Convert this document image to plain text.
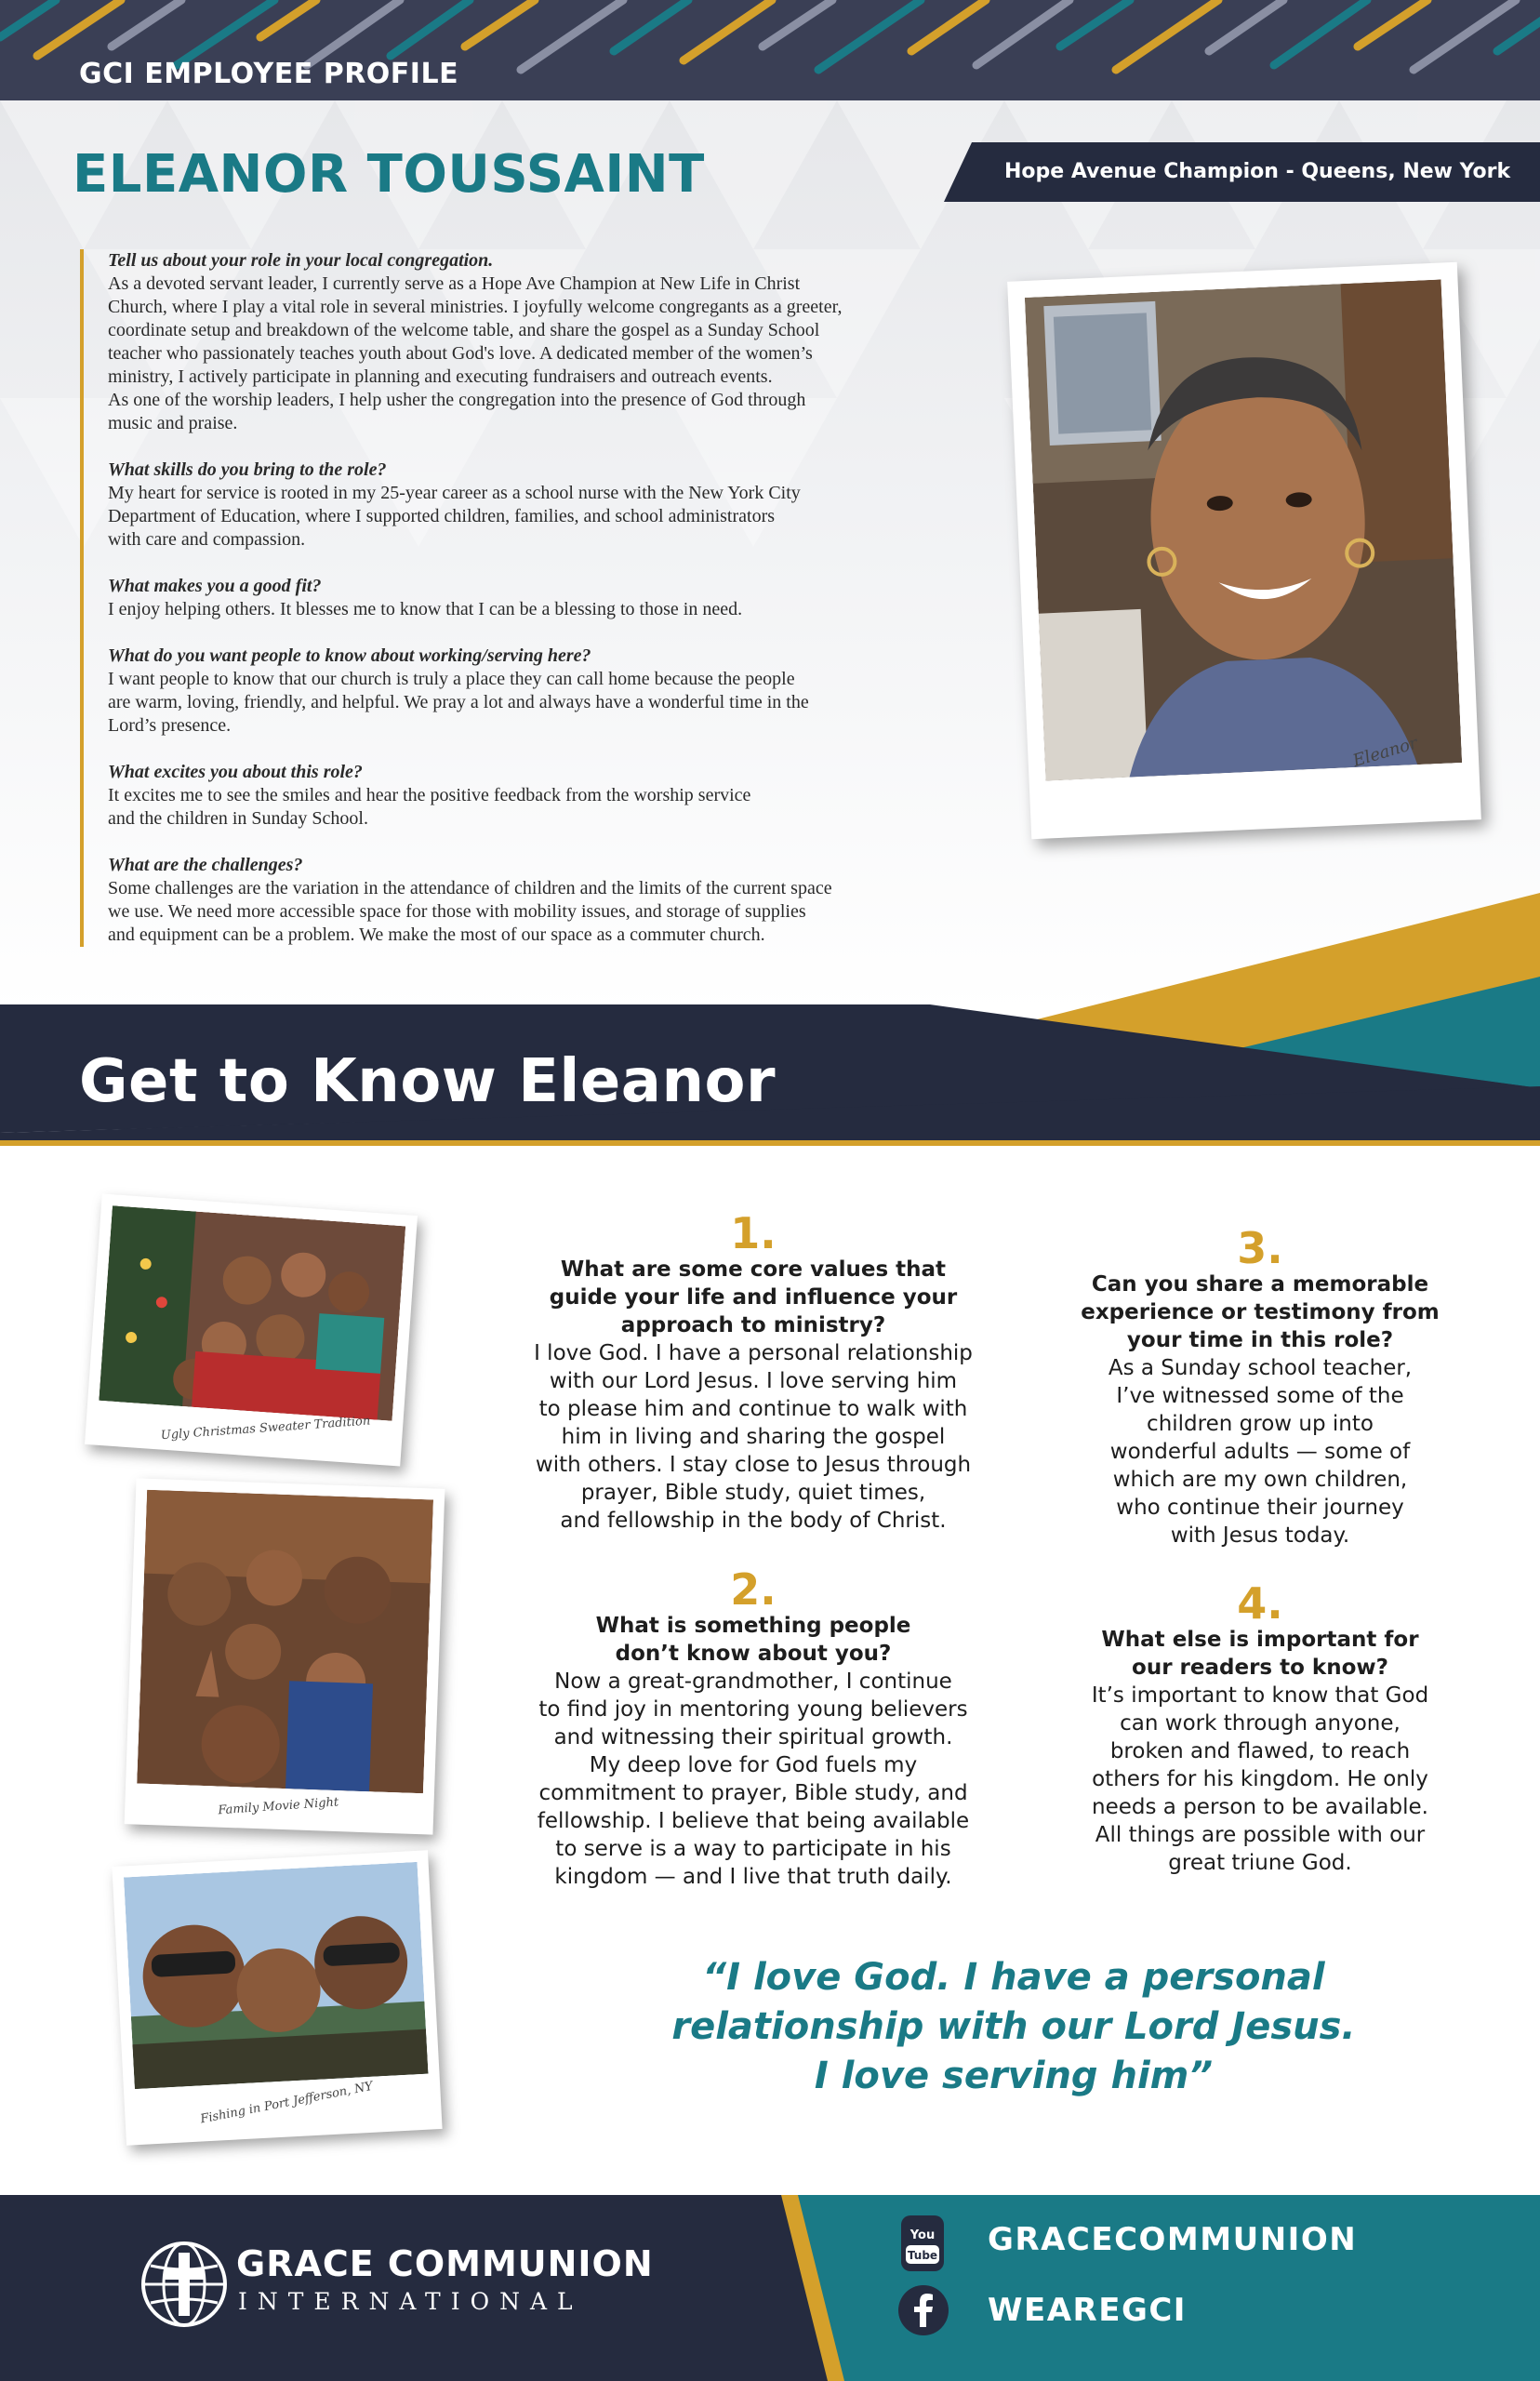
GCI EMPLOYEE PROFILE
ELEANOR TOUSSAINT	Hope Avenue Champion - Queens, New York
Tell us about your role in your local congregation.
As a devoted servant leader, I currently serve as a Hope Ave Champion at New Life in Christ
Church, where I play a vital role in several ministries. I joyfully welcome congregants as a greeter,
coordinate setup and breakdown of the welcome table, and share the gospel as a Sunday School
teacher who passionately teaches youth about God's love. A dedicated member of the women’s
ministry, I actively participate in planning and executing fundraisers and outreach events.
As one of the worship leaders, I help usher the congregation into the presence of God through
music and praise.
What skills do you bring to the role?
My heart for service is rooted in my 25-year career as a school nurse with the New York City
Department of Education, where I supported children, families, and school administrators
with care and compassion.
What makes you a good fit?
I enjoy helping others. It blesses me to know that I can be a blessing to those in need.
What do you want people to know about working/serving here?
I want people to know that our church is truly a place they can call home because the people
are warm, loving, friendly, and helpful. We pray a lot and always have a wonderful time in the
Lord’s presence.
What excites you about this role?
It excites me to see the smiles and hear the positive feedback from the worship service
and the children in Sunday School.
What are the challenges?
Some challenges are the variation in the attendance of children and the limits of the current space
we use. We need more accessible space for those with mobility issues, and storage of supplies
and equipment can be a problem. We make the most of our space as a commuter church.
Eleanor
Get to Know Eleanor
Ugly Christmas Sweater Tradition
Family Movie Night
Fishing in Port Jefferson, NY
1.
What are some core values that
guide your life and influence your
approach to ministry?
I love God. I have a personal relationship
with our Lord Jesus. I love serving him
to please him and continue to walk with
him in living and sharing the gospel
with others. I stay close to Jesus through
prayer, Bible study, quiet times,
and fellowship in the body of Christ.
2.
What is something people
don’t know about you?
Now a great-grandmother, I continue
to find joy in mentoring young believers
and witnessing their spiritual growth.
My deep love for God fuels my
commitment to prayer, Bible study, and
fellowship. I believe that being available
to serve is a way to participate in his
kingdom — and I live that truth daily.
3.
Can you share a memorable
experience or testimony from
your time in this role?
As a Sunday school teacher,
I’ve witnessed some of the
children grow up into
wonderful adults — some of
which are my own children,
who continue their journey
with Jesus today.
4.
What else is important for
our readers to know?
It’s important to know that God
can work through anyone,
broken and flawed, to reach
others for his kingdom. He only
needs a person to be available.
All things are possible with our
great triune God.
“I love God. I have a personal
relationship with our Lord Jesus.
I love serving him”
GRACE COMMUNION
INTERNATIONAL
You
Tube GRACECOMMUNION
WEAREGCI
